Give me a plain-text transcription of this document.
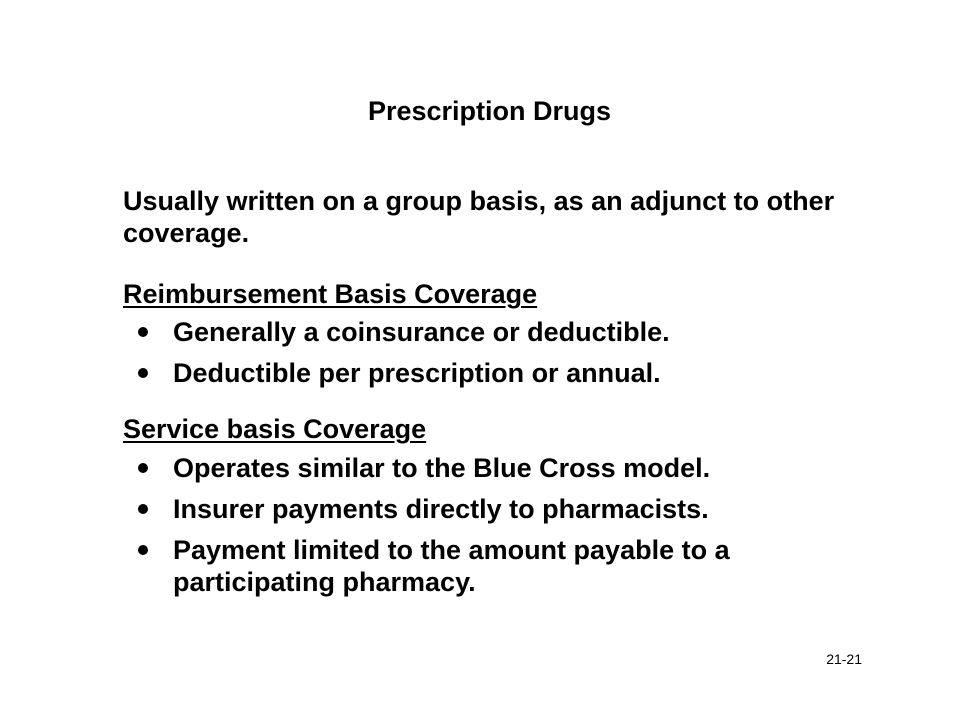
Prescription Drugs
Usually written on a group basis, as an adjunct to other coverage.
Reimbursement Basis Coverage
Generally a coinsurance or deductible.
Deductible per prescription or annual.
Service basis Coverage
Operates similar to the Blue Cross model.
Insurer payments directly to pharmacists.
Payment limited to the amount payable to a participating pharmacy.
21-21
